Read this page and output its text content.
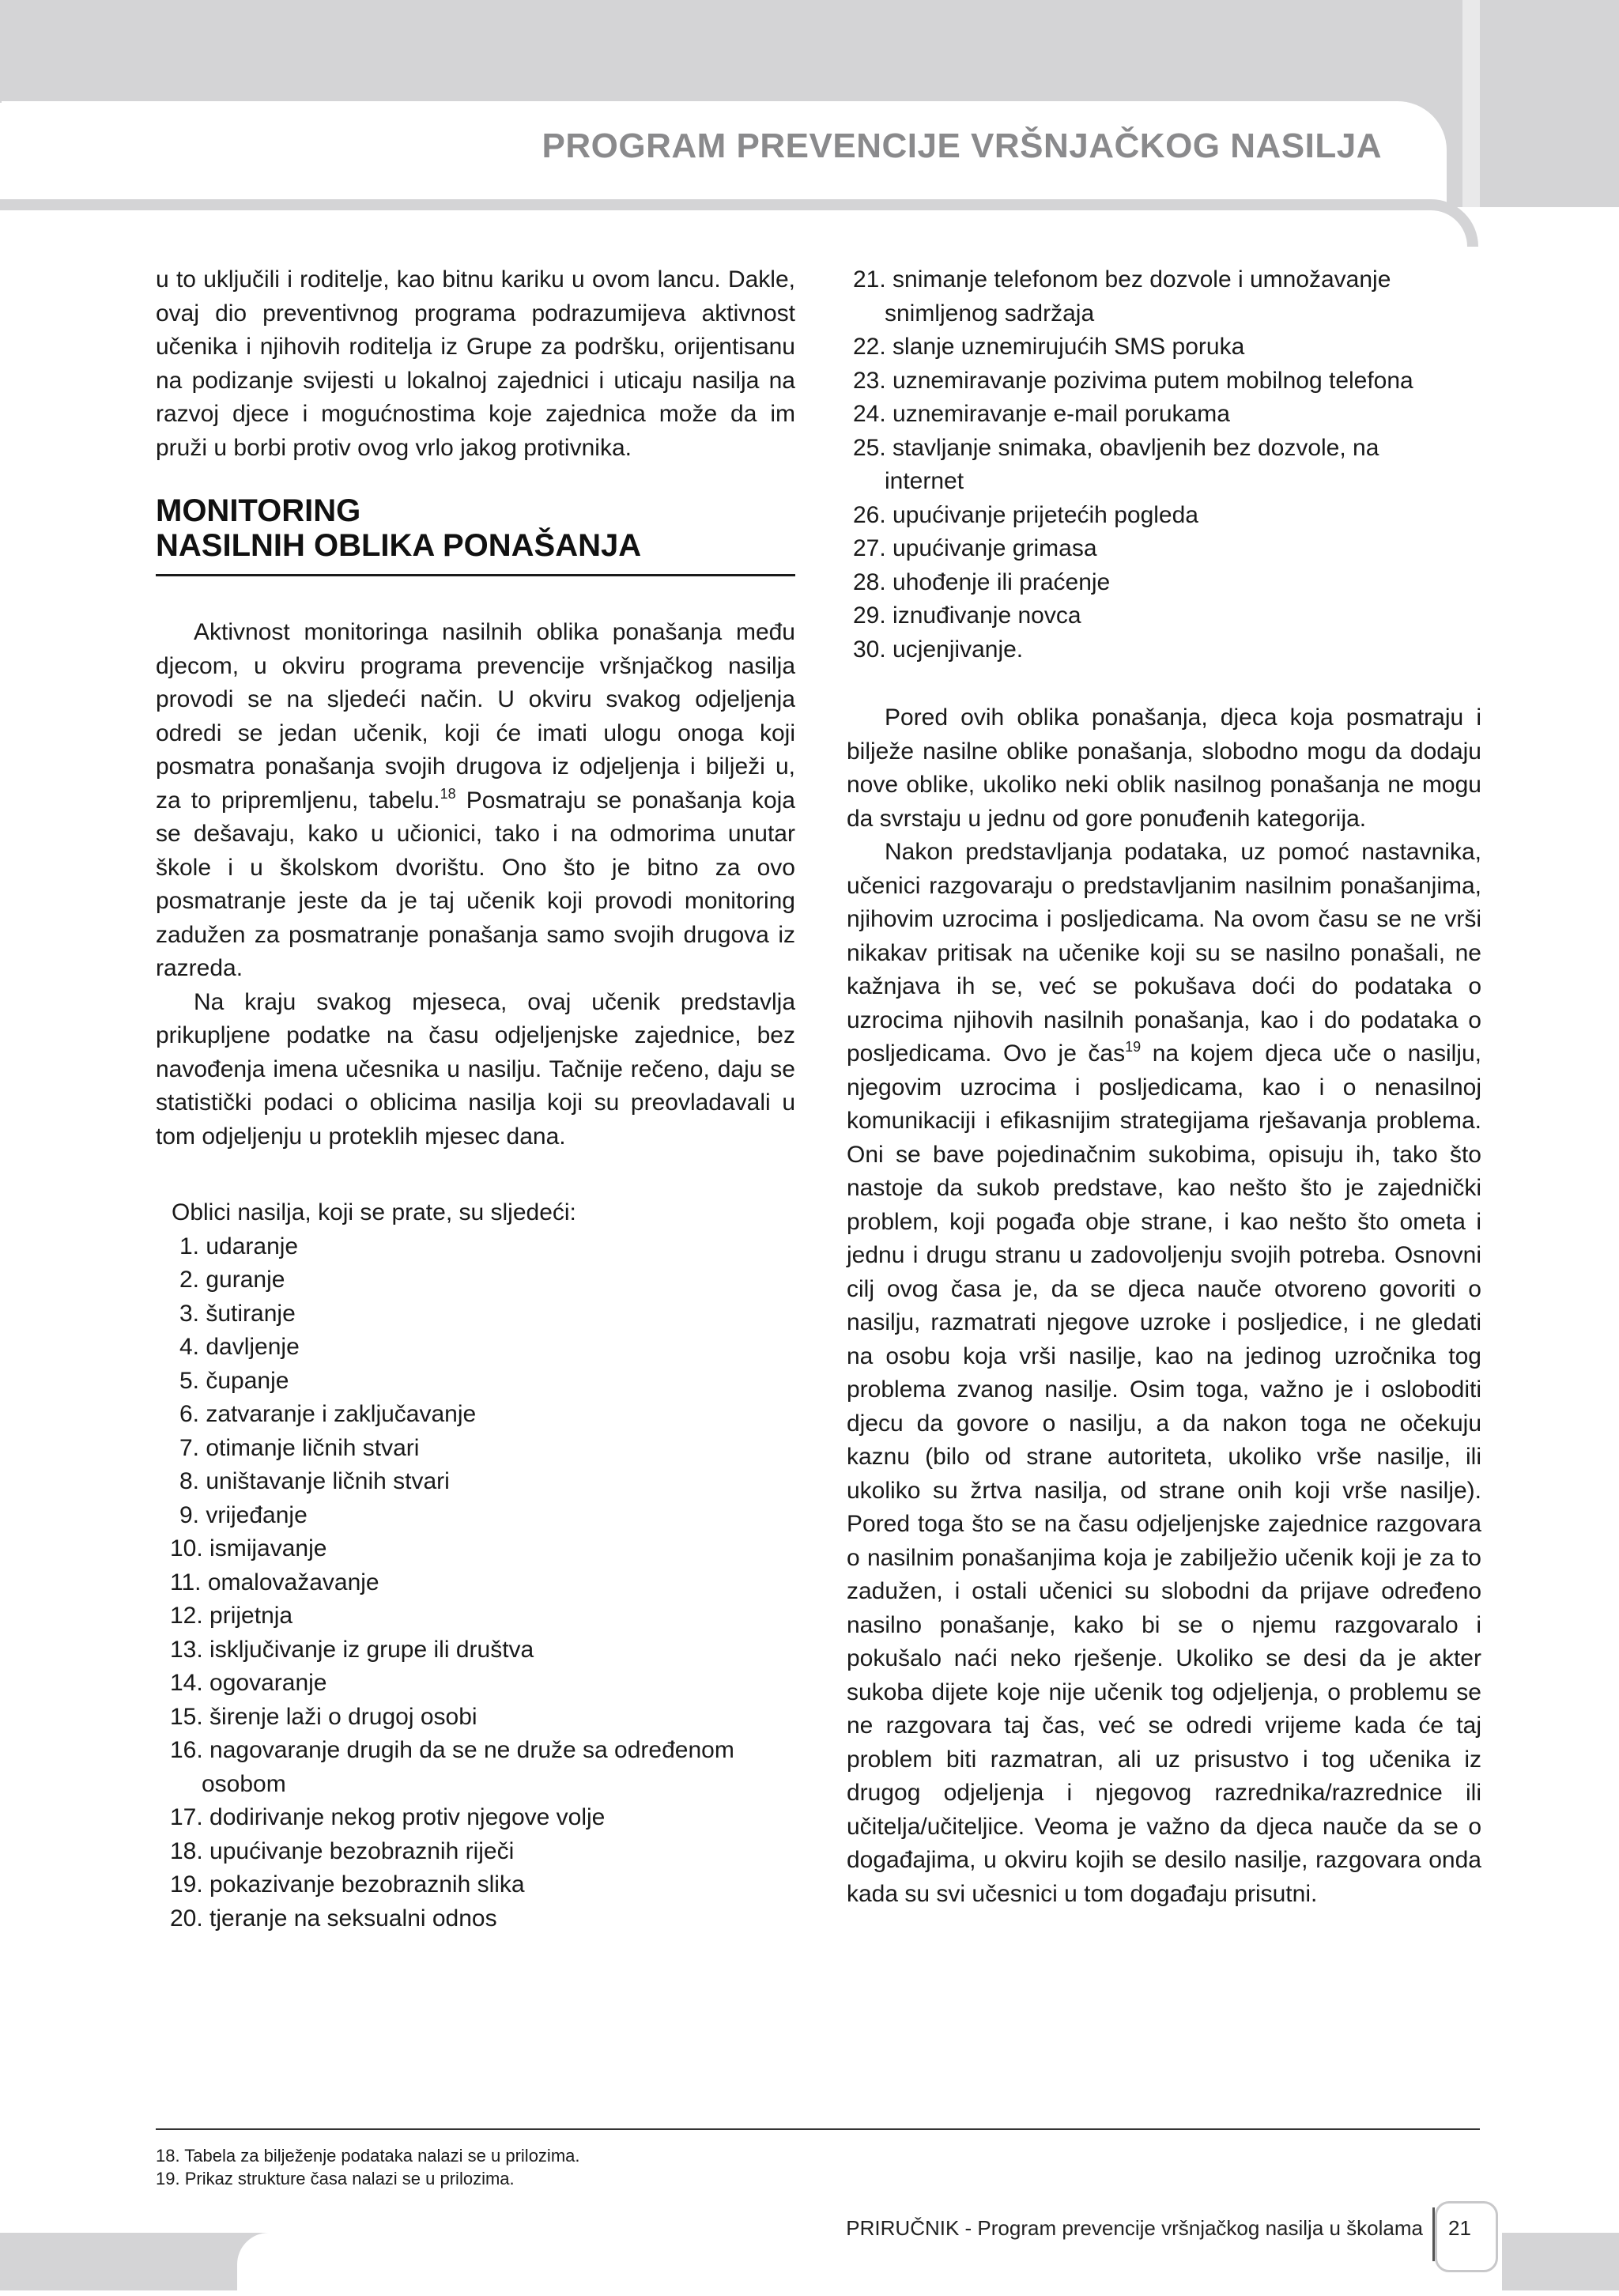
PROGRAM PREVENCIJE VRŠNJAČKOG NASILJA

u to uključili i roditelje, kao bitnu kariku u ovom lancu. Dakle, ovaj dio preventivnog programa podrazumijeva aktivnost učenika i njihovih roditelja iz Grupe za podršku, orijentisanu na podizanje svijesti u lokalnoj zajednici i uticaju nasilja na razvoj djece i mogućnostima koje zajednica može da im pruži u borbi protiv ovog vrlo jakog protivnika.

MONITORING
NASILNIH OBLIKA PONAŠANJA

Aktivnost monitoringa nasilnih oblika ponašanja među djecom, u okviru programa prevencije vršnjačkog nasilja provodi se na sljedeći način. U okviru svakog odjeljenja odredi se jedan učenik, koji će imati ulogu onoga koji posmatra ponašanja svojih drugova iz odjeljenja i bilježi u, za to pripremljenu, tabelu.$^{18}$ Posmatraju se ponašanja koja se dešavaju, kako u učionici, tako i na odmorima unutar škole i u školskom dvorištu. Ono što je bitno za ovo posmatranje jeste da je taj učenik koji provodi monitoring zadužen za posmatranje ponašanja samo svojih drugova iz razreda.

Na kraju svakog mjeseca, ovaj učenik predstavlja prikupljene podatke na času odjeljenjske zajednice, bez navođenja imena učesnika u nasilju. Tačnije rečeno, daju se statistički podaci o oblicima nasilja koji su preovladavali u tom odjeljenju u proteklih mjesec dana.

Oblici nasilja, koji se prate, su sljedeći:
1. udaranje
2. guranje
3. šutiranje
4. davljenje
5. čupanje
6. zatvaranje i zaključavanje
7. otimanje ličnih stvari
8. uništavanje ličnih stvari
9. vrijeđanje
10. ismijavanje
11. omalovažavanje
12. prijetnja
13. isključivanje iz grupe ili društva
14. ogovaranje
15. širenje laži o drugoj osobi
16. nagovaranje drugih da se ne druže sa određenom
osobom
17. dodirivanje nekog protiv njegove volje
18. upućivanje bezobraznih riječi
19. pokazivanje bezobraznih slika
20. tjeranje na seksualni odnos
21. snimanje telefonom bez dozvole i umnožavanje
snimljenog sadržaja
22. slanje uznemirujućih SMS poruka
23. uznemiravanje pozivima putem mobilnog telefona
24. uznemiravanje e-mail porukama
25. stavljanje snimaka, obavljenih bez dozvole, na
internet
26. upućivanje prijetećih pogleda
27. upućivanje grimasa
28. uhođenje ili praćenje
29. iznuđivanje novca
30. ucjenjivanje.

Pored ovih oblika ponašanja, djeca koja posmatraju i bilježe nasilne oblike ponašanja, slobodno mogu da dodaju nove oblike, ukoliko neki oblik nasilnog ponašanja ne mogu da svrstaju u jednu od gore ponuđenih kategorija.

Nakon predstavljanja podataka, uz pomoć nastavnika, učenici razgovaraju o predstavljanim nasilnim ponašanjima, njihovim uzrocima i posljedicama. Na ovom času se ne vrši nikakav pritisak na učenike koji su se nasilno ponašali, ne kažnjava ih se, već se pokušava doći do podataka o uzrocima njihovih nasilnih ponašanja, kao i do podataka o posljedicama. Ovo je čas$^{19}$ na kojem djeca uče o nasilju, njegovim uzrocima i posljedicama, kao i o nenasilnoj komunikaciji i efikasnijim strategijama rješavanja problema. Oni se bave pojedinačnim sukobima, opisuju ih, tako što nastoje da sukob predstave, kao nešto što je zajednički problem, koji pogađa obje strane, i kao nešto što ometa i jednu i drugu stranu u zadovoljenju svojih potreba. Osnovni cilj ovog časa je, da se djeca nauče otvoreno govoriti o nasilju, razmatrati njegove uzroke i posljedice, i ne gledati na osobu koja vrši nasilje, kao na jedinog uzročnika tog problema zvanog nasilje. Osim toga, važno je i osloboditi djecu da govore o nasilju, a da nakon toga ne očekuju kaznu (bilo od strane autoriteta, ukoliko vrše nasilje, ili ukoliko su žrtva nasilja, od strane onih koji vrše nasilje). Pored toga što se na času odjeljenjske zajednice razgovara o nasilnim ponašanjima koja je zabilježio učenik koji je za to zadužen, i ostali učenici su slobodni da prijave određeno nasilno ponašanje, kako bi se o njemu razgovaralo i pokušalo naći neko rješenje. Ukoliko se desi da je akter sukoba dijete koje nije učenik tog odjeljenja, o problemu se ne razgovara taj čas, već se odredi vrijeme kada će taj problem biti razmatran, ali uz prisustvo i tog učenika iz drugog odjeljenja i njegovog razrednika/razrednice ili učitelja/učiteljice. Veoma je važno da djeca nauče da se o događajima, u okviru kojih se desilo nasilje, razgovara onda kada su svi učesnici u tom događaju prisutni.

18. Tabela za bilježenje podataka nalazi se u prilozima.
19. Prikaz strukture časa nalazi se u prilozima.
PRIRUČNIK - Program prevencije vršnjačkog nasilja u školama 21
